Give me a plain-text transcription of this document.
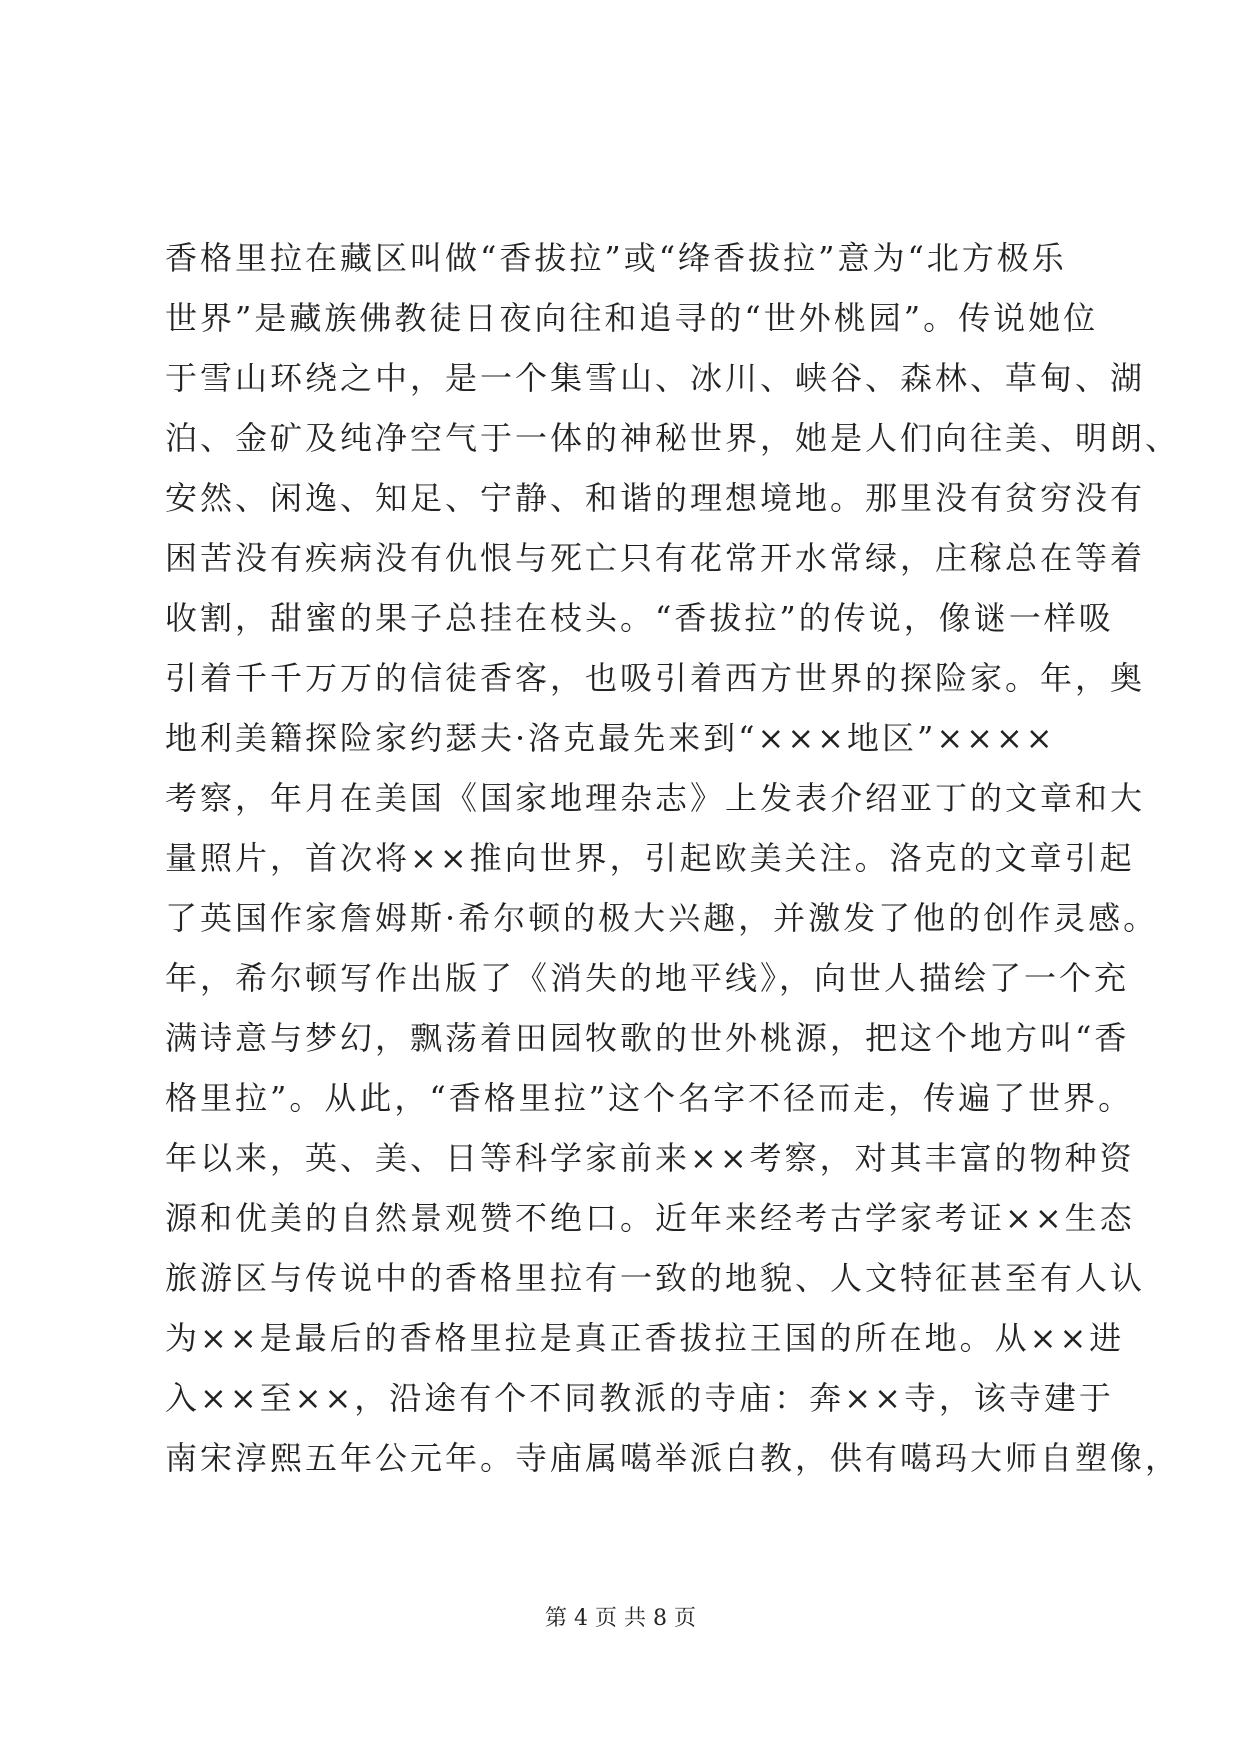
香格里拉在藏区叫做“香拔拉”或“绛香拔拉”意为“北方极乐
世界”是藏族佛教徒日夜向往和追寻的“世外桃园”。传说她位
于雪山环绕之中，是一个集雪山、冰川、峡谷、森林、草甸、湖
泊、金矿及纯净空气于一体的神秘世界，她是人们向往美、明朗、
安然、闲逸、知足、宁静、和谐的理想境地。那里没有贫穷没有
困苦没有疾病没有仇恨与死亡只有花常开水常绿，庄稼总在等着
收割，甜蜜的果子总挂在枝头。“香拔拉”的传说，像谜一样吸
引着千千万万的信徒香客，也吸引着西方世界的探险家。年，奥
地利美籍探险家约瑟夫·洛克最先来到“×××地区”××××
考察，年月在美国《国家地理杂志》上发表介绍亚丁的文章和大
量照片，首次将××推向世界，引起欧美关注。洛克的文章引起
了英国作家詹姆斯·希尔顿的极大兴趣，并激发了他的创作灵感。
年，希尔顿写作出版了《消失的地平线》，向世人描绘了一个充
满诗意与梦幻，飘荡着田园牧歌的世外桃源，把这个地方叫“香
格里拉”。从此，“香格里拉”这个名字不径而走，传遍了世界。
年以来，英、美、日等科学家前来××考察，对其丰富的物种资
源和优美的自然景观赞不绝口。近年来经考古学家考证××生态
旅游区与传说中的香格里拉有一致的地貌、人文特征甚至有人认
为××是最后的香格里拉是真正香拔拉王国的所在地。从××进
入××至××，沿途有个不同教派的寺庙：奔××寺，该寺建于
南宋淳熙五年公元年。寺庙属噶举派白教，供有噶玛大师自塑像，
第 4 页 共 8 页
